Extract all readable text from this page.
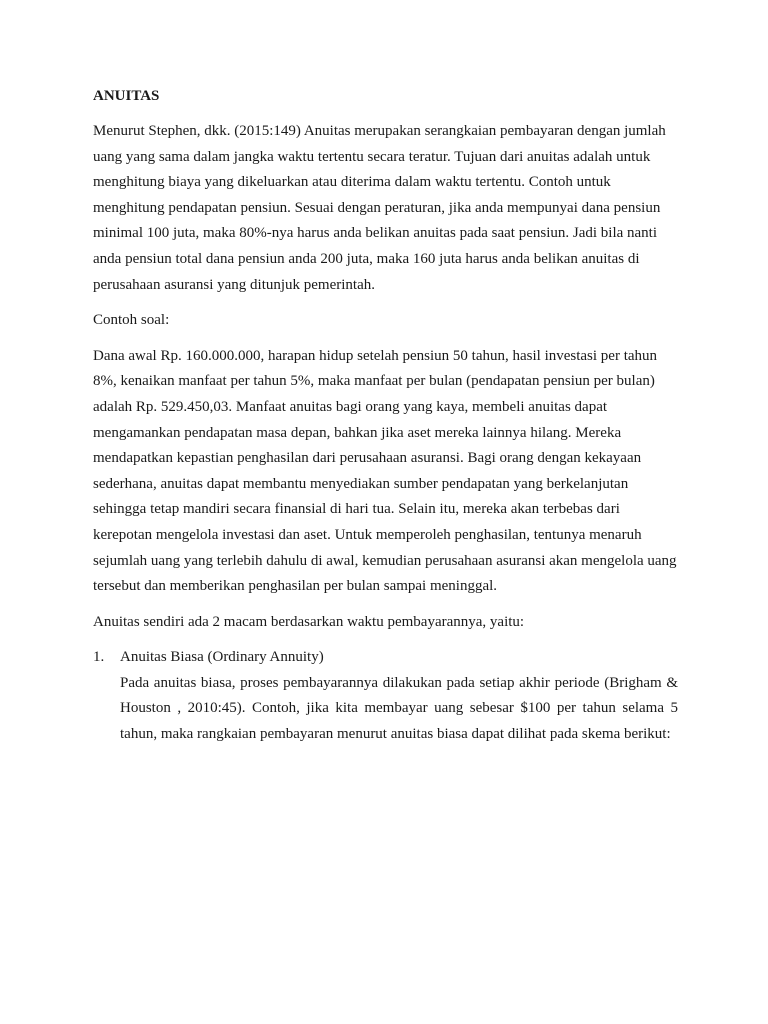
ANUITAS

Menurut Stephen, dkk. (2015:149) Anuitas merupakan serangkaian pembayaran dengan jumlah uang yang sama dalam jangka waktu tertentu secara teratur. Tujuan dari anuitas adalah untuk menghitung biaya yang dikeluarkan atau diterima dalam waktu tertentu. Contoh untuk menghitung pendapatan pensiun. Sesuai dengan peraturan, jika anda mempunyai dana pensiun minimal 100 juta, maka 80%-nya harus anda belikan anuitas pada saat pensiun. Jadi bila nanti anda pensiun total dana pensiun anda 200 juta, maka 160 juta harus anda belikan anuitas di perusahaan asuransi yang ditunjuk pemerintah.

Contoh soal:

Dana awal Rp. 160.000.000, harapan hidup setelah pensiun 50 tahun, hasil investasi per tahun 8%, kenaikan manfaat per tahun 5%, maka manfaat per bulan (pendapatan pensiun per bulan) adalah Rp. 529.450,03. Manfaat anuitas bagi orang yang kaya, membeli anuitas dapat mengamankan pendapatan masa depan, bahkan jika aset mereka lainnya hilang. Mereka mendapatkan kepastian penghasilan dari perusahaan asuransi. Bagi orang dengan kekayaan sederhana, anuitas dapat membantu menyediakan sumber pendapatan yang berkelanjutan sehingga tetap mandiri secara finansial di hari tua. Selain itu, mereka akan terbebas dari kerepotan mengelola investasi dan aset. Untuk memperoleh penghasilan, tentunya menaruh sejumlah uang yang terlebih dahulu di awal, kemudian perusahaan asuransi akan mengelola uang tersebut dan memberikan penghasilan per bulan sampai meninggal.

Anuitas sendiri ada 2 macam berdasarkan waktu pembayarannya, yaitu:

1.	Anuitas Biasa (Ordinary Annuity)
Pada anuitas biasa, proses pembayarannya dilakukan pada setiap akhir periode (Brigham & Houston , 2010:45). Contoh, jika kita membayar uang sebesar $100 per tahun selama 5 tahun, maka rangkaian pembayaran menurut anuitas biasa dapat dilihat pada skema berikut:
